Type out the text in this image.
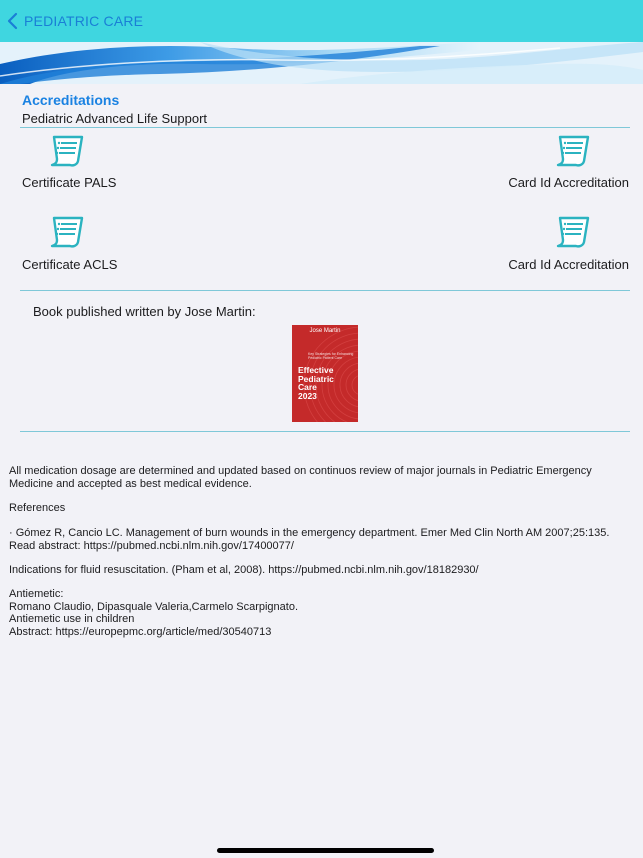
PEDIATRIC CARE
Accreditations
Pediatric Advanced Life Support
Certificate PALS	Card Id Accreditation
Certificate ACLS	Card Id Accreditation
Book published written by Jose Martin:
Jose Martin
Key Strategies for Enhancing Pediatric Patient Care
Effective
Pediatric
Care
2023
All medication dosage are determined and updated based on continuos review of major journals in Pediatric Emergency Medicine and accepted as best medical evidence.
References
· Gómez R, Cancio LC. Management of burn wounds in the emergency department. Emer Med Clin North AM 2007;25:135.
Read abstract: https://pubmed.ncbi.nlm.nih.gov/17400077/
Indications for fluid resuscitation. (Pham et al, 2008). https://pubmed.ncbi.nlm.nih.gov/18182930/
Antiemetic:
Romano Claudio, Dipasquale Valeria,Carmelo Scarpignato.
Antiemetic use in children
Abstract: https://europepmc.org/article/med/30540713
